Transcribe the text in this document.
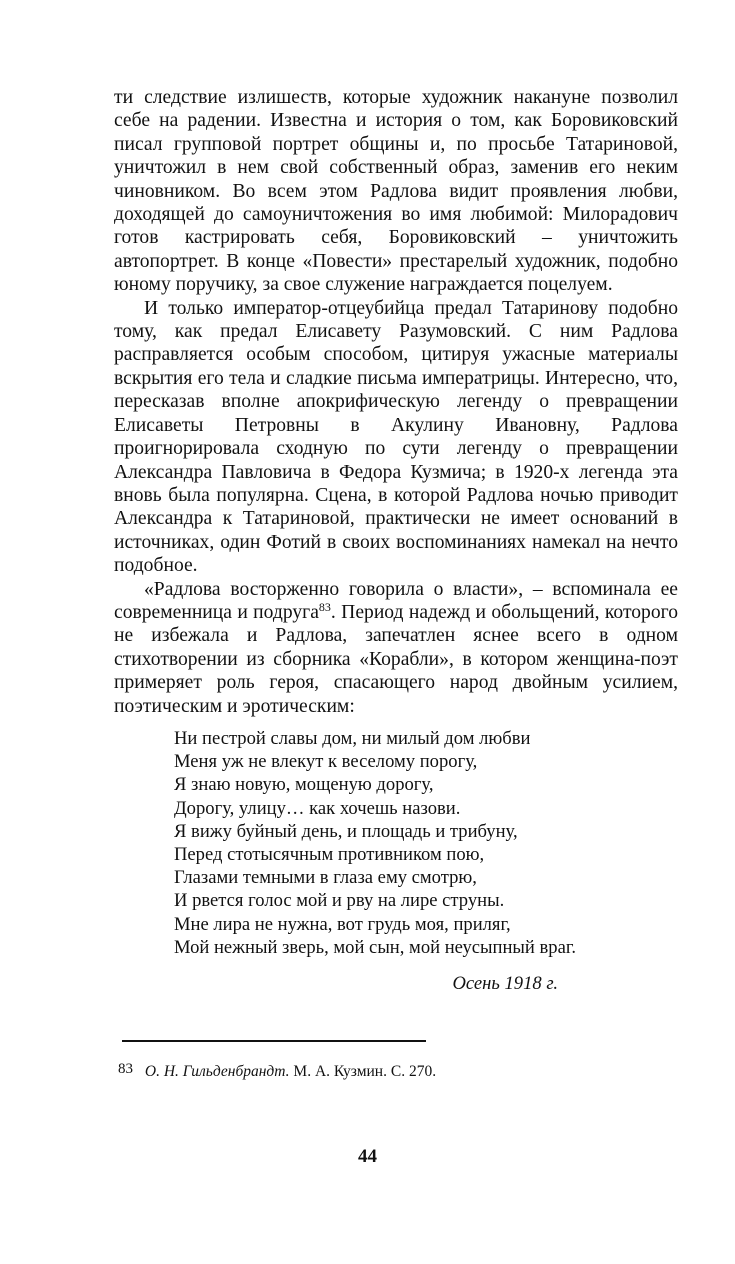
ти следствие излишеств, которые художник накануне позволил себе на радении. Известна и история о том, как Боровиковский писал групповой портрет общины и, по просьбе Татариновой, уничтожил в нем свой собственный образ, заменив его неким чиновником. Во всем этом Радлова видит проявления любви, доходящей до самоуничтожения во имя любимой: Милорадович готов кастрировать себя, Боровиковский – уничтожить автопортрет. В конце «Повести» престарелый художник, подобно юному поручику, за свое служение награждается поцелуем.

И только император-отцеубийца предал Татаринову подобно тому, как предал Елисавету Разумовский. С ним Радлова расправляется особым способом, цитируя ужасные материалы вскрытия его тела и сладкие письма императрицы. Интересно, что, пересказав вполне апокрифическую легенду о превращении Елисаветы Петровны в Акулину Ивановну, Радлова проигнорировала сходную по сути легенду о превращении Александра Павловича в Федора Кузмича; в 1920-х легенда эта вновь была популярна. Сцена, в которой Радлова ночью приводит Александра к Татариновой, практически не имеет оснований в источниках, один Фотий в своих воспоминаниях намекал на нечто подобное.

«Радлова восторженно говорила о власти», – вспоминала ее современница и подруга$^{83}$. Период надежд и обольщений, которого не избежала и Радлова, запечатлен яснее всего в одном стихотворении из сборника «Корабли», в котором женщина-поэт примеряет роль героя, спасающего народ двойным усилием, поэтическим и эротическим:

Ни пестрой славы дом, ни милый дом любви
Меня уж не влекут к веселому порогу,
Я знаю новую, мощеную дорогу,
Дорогу, улицу… как хочешь назови.
Я вижу буйный день, и площадь и трибуну,
Перед стотысячным противником пою,
Глазами темными в глаза ему смотрю,
И рвется голос мой и рву на лире струны.
Мне лира не нужна, вот грудь моя, приляг,
Мой нежный зверь, мой сын, мой неусыпный враг.
Осень 1918 г.
83 О. Н. Гильденбрандт. М. А. Кузмин. С. 270.
44
